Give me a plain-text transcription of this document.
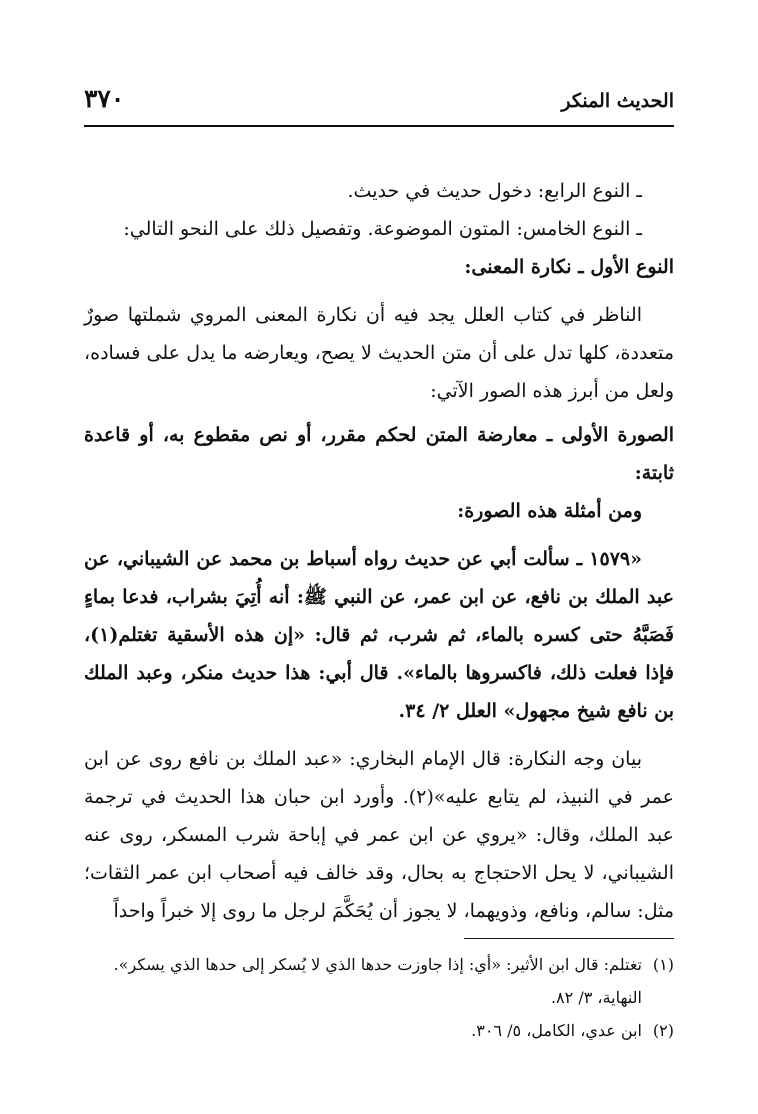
الحديث المنكر
٣٧٠

ـ النوع الرابع: دخول حديث في حديث.

ـ النوع الخامس: المتون الموضوعة. وتفصيل ذلك على النحو التالي:

النوع الأول ـ نكارة المعنى:

الناظر في كتاب العلل يجد فيه أن نكارة المعنى المروي شملتها صورٌ متعددة، كلها تدل على أن متن الحديث لا يصح، ويعارضه ما يدل على فساده، ولعل من أبرز هذه الصور الآتي:

الصورة الأولى ـ معارضة المتن لحكم مقرر، أو نص مقطوع به، أو قاعدة ثابتة:

ومن أمثلة هذه الصورة:

«١٥٧٩ ـ سألت أبي عن حديث رواه أسباط بن محمد عن الشيباني، عن عبد الملك بن نافع، عن ابن عمر، عن النبي ﷺ: أنه أُتِيَ بشراب، فدعا بماءٍ فَصَبَّهُ حتى كسره بالماء، ثم شرب، ثم قال: «إن هذه الأسقية تغتلم(١)، فإذا فعلت ذلك، فاكسروها بالماء». قال أبي: هذا حديث منكر، وعبد الملك بن نافع شيخ مجهول» العلل ٢/ ٣٤.

بيان وجه النكارة: قال الإمام البخاري: «عبد الملك بن نافع روى عن ابن عمر في النبيذ، لم يتابع عليه»(٢). وأورد ابن حبان هذا الحديث في ترجمة عبد الملك، وقال: «يروي عن ابن عمر في إباحة شرب المسكر، روى عنه الشيباني، لا يحل الاحتجاج به بحال، وقد خالف فيه أصحاب ابن عمر الثقات؛ مثل: سالم، ونافع، وذويهما، لا يجوز أن يُحَكَّمَ لرجل ما روى إلا خبراً واحداً

(١)تغتلم: قال ابن الأثير: «أي: إذا جاوزت حدها الذي لا يُسكر إلى حدها الذي يسكر».

النهاية، ٣/ ٨٢.

(٢)ابن عدي، الكامل، ٥/ ٣٠٦.
